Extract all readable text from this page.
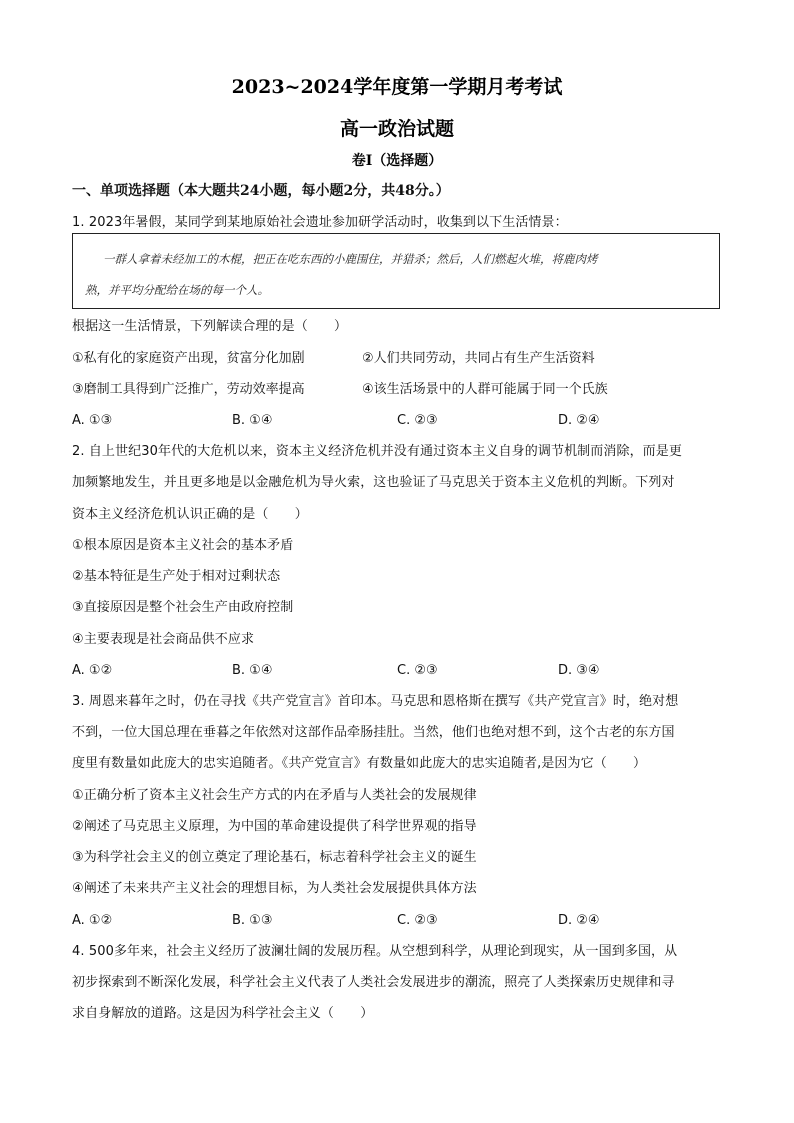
2023~2024学年度第一学期月考考试
高一政治试题
卷Ⅰ（选择题）
一、单项选择题（本大题共24小题，每小题2分，共48分。）
1. 2023年暑假，某同学到某地原始社会遗址参加研学活动时，收集到以下生活情景：
一群人拿着未经加工的木棍，把正在吃东西的小鹿围住，并猎杀；然后，人们燃起火堆，将鹿肉烤
熟，并平均分配给在场的每一个人。
根据这一生活情景，下列解读合理的是（　　）
①私有化的家庭资产出现，贫富分化加剧	②人们共同劳动，共同占有生产生活资料
③磨制工具得到广泛推广，劳动效率提高	④该生活场景中的人群可能属于同一个氏族
A. ①③	B. ①④	C. ②③	D. ②④
2. 自上世纪30年代的大危机以来，资本主义经济危机并没有通过资本主义自身的调节机制而消除，而是更
加频繁地发生，并且更多地是以金融危机为导火索，这也验证了马克思关于资本主义危机的判断。下列对
资本主义经济危机认识正确的是（　　）
①根本原因是资本主义社会的基本矛盾
②基本特征是生产处于相对过剩状态
③直接原因是整个社会生产由政府控制
④主要表现是社会商品供不应求
A. ①②	B. ①④	C. ②③	D. ③④
3. 周恩来暮年之时，仍在寻找《共产党宣言》首印本。马克思和恩格斯在撰写《共产党宣言》时，绝对想
不到，一位大国总理在垂暮之年依然对这部作品牵肠挂肚。当然，他们也绝对想不到，这个古老的东方国
度里有数量如此庞大的忠实追随者。《共产党宣言》有数量如此庞大的忠实追随者,是因为它（　　）
①正确分析了资本主义社会生产方式的内在矛盾与人类社会的发展规律
②阐述了马克思主义原理，为中国的革命建设提供了科学世界观的指导
③为科学社会主义的创立奠定了理论基石，标志着科学社会主义的诞生
④阐述了未来共产主义社会的理想目标，为人类社会发展提供具体方法
A. ①②	B. ①③	C. ②③	D. ②④
4. 500多年来，社会主义经历了波澜壮阔的发展历程。从空想到科学，从理论到现实，从一国到多国，从
初步探索到不断深化发展，科学社会主义代表了人类社会发展进步的潮流，照亮了人类探索历史规律和寻
求自身解放的道路。这是因为科学社会主义（　　）
